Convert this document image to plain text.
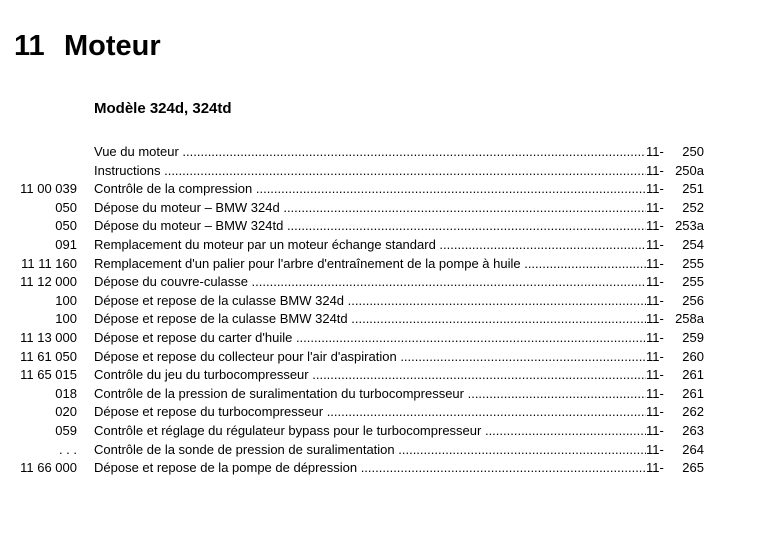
11 Moteur
Modèle 324d, 324td
Vue du moteur .....	11-	250
Instructions .....	11- 250a
11 00 039 Contrôle de la compression .....	11-	251
050 Dépose du moteur – BMW 324d .....	11-	252
050 Dépose du moteur – BMW 324td .....	11- 253a
091 Remplacement du moteur par un moteur échange standard .....	11-	254
11 11 160 Remplacement d'un palier pour l'arbre d'entraînement de la pompe à huile .....	11-	255
11 12 000 Dépose du couvre-culasse .....	11-	255
100 Dépose et repose de la culasse BMW 324d .....	11-	256
100 Dépose et repose de la culasse BMW 324td .....	11- 258a
11 13 000 Dépose et repose du carter d'huile .....	11-	259
11 61 050 Dépose et repose du collecteur pour l'air d'aspiration .....	11-	260
11 65 015 Contrôle du jeu du turbocompresseur .....	11-	261
018 Contrôle de la pression de suralimentation du turbocompresseur .....	11-	261
020 Dépose et repose du turbocompresseur .....	11-	262
059 Contrôle et réglage du régulateur bypass pour le turbocompresseur .....	11-	263
. . . Contrôle de la sonde de pression de suralimentation .....	11-	264
11 66 000 Dépose et repose de la pompe de dépression .....	11-	265
